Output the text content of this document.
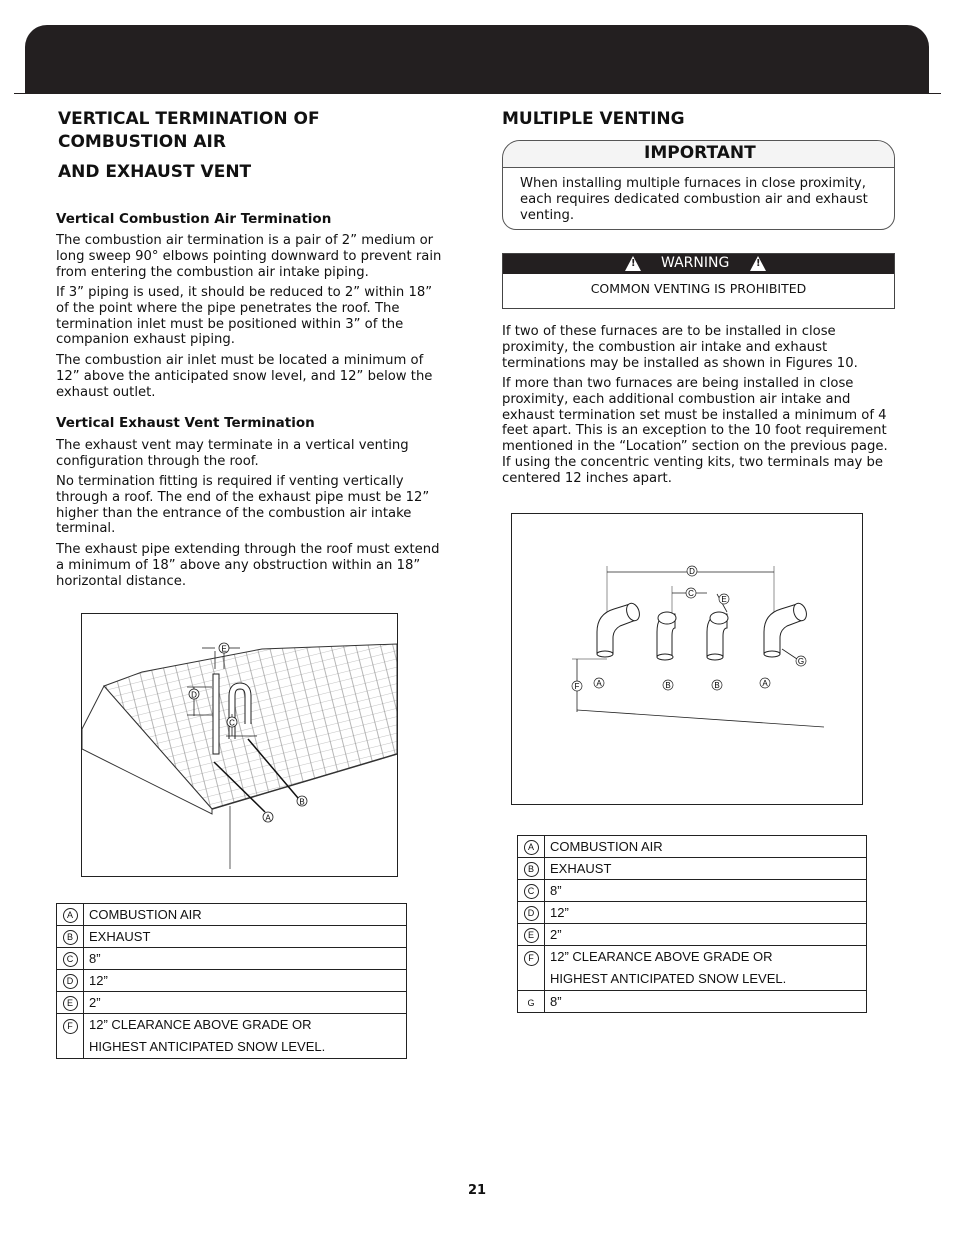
VERTICAL TERMINATION OF
COMBUSTION AIR
AND EXHAUST VENT
Vertical Combustion Air Termination

The combustion air termination is a pair of 2” medium or long sweep 90° elbows pointing downward to prevent rain from entering the combustion air intake piping.

If 3” piping is used, it should be reduced to 2” within 18” of the point where the pipe penetrates the roof. The termination inlet must be positioned within 3” of the companion exhaust piping.

The combustion air inlet must be located a minimum of 12” above the anticipated snow level, and 12” below the exhaust outlet.

Vertical Exhaust Vent Termination

The exhaust vent may terminate in a vertical venting configuration through the roof.

No termination fitting is required if venting vertically through a roof. The end of the exhaust pipe must be 12” higher than the entrance of the combustion air intake terminal.

The exhaust pipe extending through the roof must extend a minimum of 18” above any obstruction within an 18” horizontal distance.

E
D
C
B
A
A	COMBUSTION AIR
B	EXHAUST
C	8”
D	12”
E	2”
F	12” CLEARANCE ABOVE GRADE OR HIGHEST ANTICIPATED SNOW LEVEL.
MULTIPLE VENTING
IMPORTANT
When installing multiple furnaces in close proximity, each requires dedicated combustion air and exhaust venting.
!
WARNING
!
COMMON VENTING IS PROHIBITED

If two of these furnaces are to be installed in close proximity, the combustion air intake and exhaust terminations may be installed as shown in Figures 10.

If more than two furnaces are being installed in close proximity, each additional combustion air intake and exhaust termination set must be installed a minimum of 4 feet apart. This is an exception to the 10 foot requirement mentioned in the “Location” section on the previous page. If using the concentric venting kits, two terminals may be centered 12 inches apart.

D
C
E
F A	B	B	A
G
A	COMBUSTION AIR
B	EXHAUST
C	8”
D	12”
E	2”
F	12” CLEARANCE ABOVE GRADE OR HIGHEST ANTICIPATED SNOW LEVEL.
G	8”
21
